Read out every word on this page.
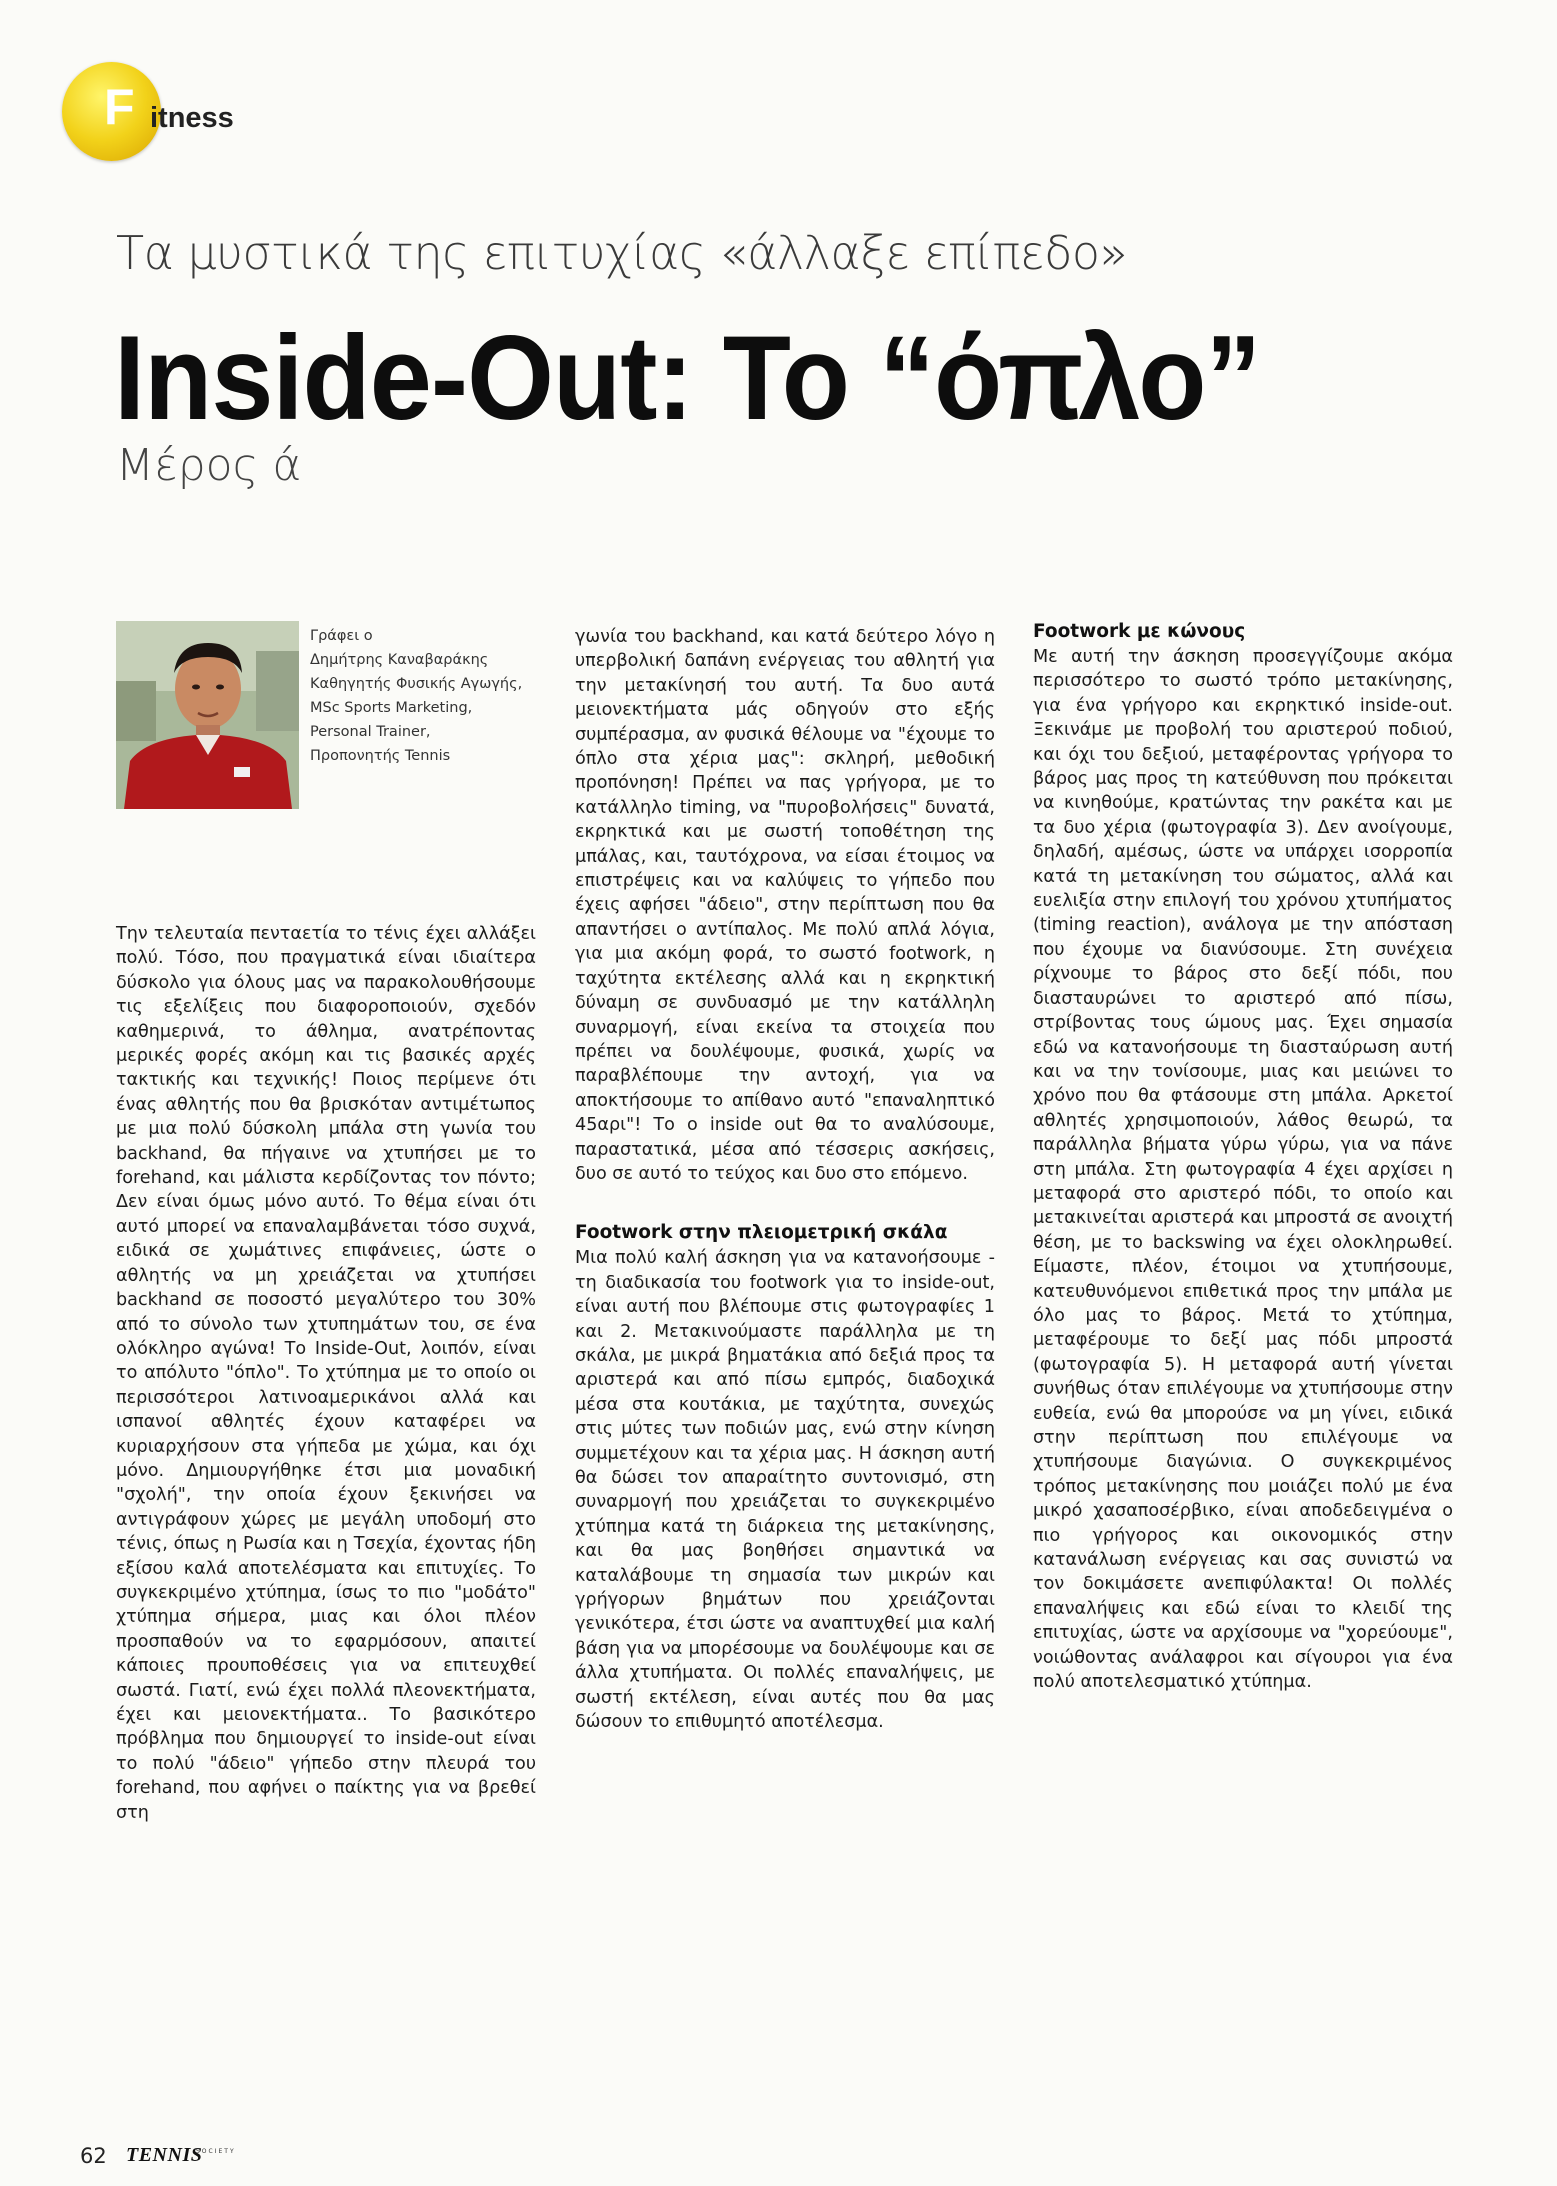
F itness
Τα μυστικά της επιτυχίας «άλλαξε επίπεδο»
Inside-Out: To “όπλο”
Μέρος ά
Γράφει ο
Δημήτρης Καναβαράκης
Καθηγητής Φυσικής Αγωγής,
MSc Sports Marketing,
Personal Trainer,
Προπονητής Tennis

Την τελευταία πενταετία το τένις έχει αλλάξει πολύ. Τόσο, που πραγματικά είναι ιδιαίτερα δύσκολο για όλους μας να παρακολουθήσουμε τις εξελίξεις που διαφοροποιούν, σχεδόν καθημερινά, το άθλημα, ανατρέποντας μερικές φορές ακόμη και τις βασικές αρχές τακτικής και τεχνικής! Ποιος περίμενε ότι ένας αθλητής που θα βρισκόταν αντιμέτωπος με μια πολύ δύσκολη μπάλα στη γωνία του backhand, θα πήγαινε να χτυπήσει με το forehand, και μάλιστα κερδίζοντας τον πόντο; Δεν είναι όμως μόνο αυτό. Το θέμα είναι ότι αυτό μπορεί να επαναλαμβάνεται τόσο συχνά, ειδικά σε χωμάτινες επιφάνειες, ώστε ο αθλητής να μη χρειάζεται να χτυπήσει backhand σε ποσοστό μεγαλύτερο του 30% από το σύνολο των χτυπημάτων του, σε ένα ολόκληρο αγώνα! Το Inside-Out, λοιπόν, είναι το απόλυτο "όπλο". Το χτύπημα με το οποίο οι περισσότεροι λατινοαμερικάνοι αλλά και ισπανοί αθλητές έχουν καταφέρει να κυριαρχήσουν στα γήπεδα με χώμα, και όχι μόνο. Δημιουργήθηκε έτσι μια μοναδική "σχολή", την οποία έχουν ξεκινήσει να αντιγράφουν χώρες με μεγάλη υποδομή στο τένις, όπως η Ρωσία και η Τσεχία, έχοντας ήδη εξίσου καλά αποτελέσματα και επιτυχίες. Το συγκεκριμένο χτύπημα, ίσως το πιο "μοδάτο" χτύπημα σήμερα, μιας και όλοι πλέον προσπαθούν να το εφαρμόσουν, απαιτεί κάποιες προυποθέσεις για να επιτευχθεί σωστά. Γιατί, ενώ έχει πολλά πλεονεκτήματα, έχει και μειονεκτήματα.. Το βασικότερο πρόβλημα που δημιουργεί το inside-out είναι το πολύ "άδειο" γήπεδο στην πλευρά του forehand, που αφήνει ο παίκτης για να βρεθεί στη

γωνία του backhand, και κατά δεύτερο λόγο η υπερβολική δαπάνη ενέργειας του αθλητή για την μετακίνησή του αυτή. Τα δυο αυτά μειονεκτήματα μάς οδηγούν στο εξής συμπέρασμα, αν φυσικά θέλουμε να "έχουμε το όπλο στα χέρια μας": σκληρή, μεθοδική προπόνηση! Πρέπει να πας γρήγορα, με το κατάλληλο timing, να "πυροβολήσεις" δυνατά, εκρηκτικά και με σωστή τοποθέτηση της μπάλας, και, ταυτόχρονα, να είσαι έτοιμος να επιστρέψεις και να καλύψεις το γήπεδο που έχεις αφήσει "άδειο", στην περίπτωση που θα απαντήσει ο αντίπαλος. Με πολύ απλά λόγια, για μια ακόμη φορά, το σωστό footwork, η ταχύτητα εκτέλεσης αλλά και η εκρηκτική δύναμη σε συνδυασμό με την κατάλληλη συναρμογή, είναι εκείνα τα στοιχεία που πρέπει να δουλέψουμε, φυσικά, χωρίς να παραβλέπουμε την αντοχή, για να αποκτήσουμε το απίθανο αυτό "επαναληπτικό 45αρι"! Το ο inside out θα το αναλύσουμε, παραστατικά, μέσα από τέσσερις ασκήσεις, δυο σε αυτό το τεύχος και δυο στο επόμενο.

Footwork στην πλειομετρική σκάλα

Μια πολύ καλή άσκηση για να κατανοήσουμε - τη διαδικασία του footwork για το inside-out, είναι αυτή που βλέπουμε στις φωτογραφίες 1 και 2. Μετακινούμαστε παράλληλα με τη σκάλα, με μικρά βηματάκια από δεξιά προς τα αριστερά και από πίσω εμπρός, διαδοχικά μέσα στα κουτάκια, με ταχύτητα, συνεχώς στις μύτες των ποδιών μας, ενώ στην κίνηση συμμετέχουν και τα χέρια μας. Η άσκηση αυτή θα δώσει τον απαραίτητο συντονισμό, στη συναρμογή που χρειάζεται το συγκεκριμένο χτύπημα κατά τη διάρκεια της μετακίνησης, και θα μας βοηθήσει σημαντικά να καταλάβουμε τη σημασία των μικρών και γρήγορων βημάτων που χρειάζονται γενικότερα, έτσι ώστε να αναπτυχθεί μια καλή βάση για να μπορέσουμε να δουλέψουμε και σε άλλα χτυπήματα. Οι πολλές επαναλήψεις, με σωστή εκτέλεση, είναι αυτές που θα μας δώσουν το επιθυμητό αποτέλεσμα.

Footwork με κώνους

Με αυτή την άσκηση προσεγγίζουμε ακόμα περισσότερο το σωστό τρόπο μετακίνησης, για ένα γρήγορο και εκρηκτικό inside-out. Ξεκινάμε με προβολή του αριστερού ποδιού, και όχι του δεξιού, μεταφέροντας γρήγορα το βάρος μας προς τη κατεύθυνση που πρόκειται να κινηθούμε, κρατώντας την ρακέτα και με τα δυο χέρια (φωτογραφία 3). Δεν ανοίγουμε, δηλαδή, αμέσως, ώστε να υπάρχει ισορροπία κατά τη μετακίνηση του σώματος, αλλά και ευελιξία στην επιλογή του χρόνου χτυπήματος (timing reaction), ανάλογα με την απόσταση που έχουμε να διανύσουμε. Στη συνέχεια ρίχνουμε το βάρος στο δεξί πόδι, που διασταυρώνει το αριστερό από πίσω, στρίβοντας τους ώμους μας. Έχει σημασία εδώ να κατανοήσουμε τη διασταύρωση αυτή και να την τονίσουμε, μιας και μειώνει το χρόνο που θα φτάσουμε στη μπάλα. Αρκετοί αθλητές χρησιμοποιούν, λάθος θεωρώ, τα παράλληλα βήματα γύρω γύρω, για να πάνε στη μπάλα. Στη φωτογραφία 4 έχει αρχίσει η μεταφορά στο αριστερό πόδι, το οποίο και μετακινείται αριστερά και μπροστά σε ανοιχτή θέση, με το backswing να έχει ολοκληρωθεί. Είμαστε, πλέον, έτοιμοι να χτυπήσουμε, κατευθυνόμενοι επιθετικά προς την μπάλα με όλο μας το βάρος. Μετά το χτύπημα, μεταφέρουμε το δεξί μας πόδι μπροστά (φωτογραφία 5). Η μεταφορά αυτή γίνεται συνήθως όταν επιλέγουμε να χτυπήσουμε στην ευθεία, ενώ θα μπορούσε να μη γίνει, ειδικά στην περίπτωση που επιλέγουμε να χτυπήσουμε διαγώνια. Ο συγκεκριμένος τρόπος μετακίνησης που μοιάζει πολύ με ένα μικρό χασαποσέρβικο, είναι αποδεδειγμένα ο πιο γρήγορος και οικονομικός στην κατανάλωση ενέργειας και σας συνιστώ να τον δοκιμάσετε ανεπιφύλακτα! Οι πολλές επαναλήψεις και εδώ είναι το κλειδί της επιτυχίας, ώστε να αρχίσουμε να "χορεύουμε", νοιώθοντας ανάλαφροι και σίγουροι για ένα πολύ αποτελεσματικό χτύπημα.

62 TENNIS
SOCIETY
